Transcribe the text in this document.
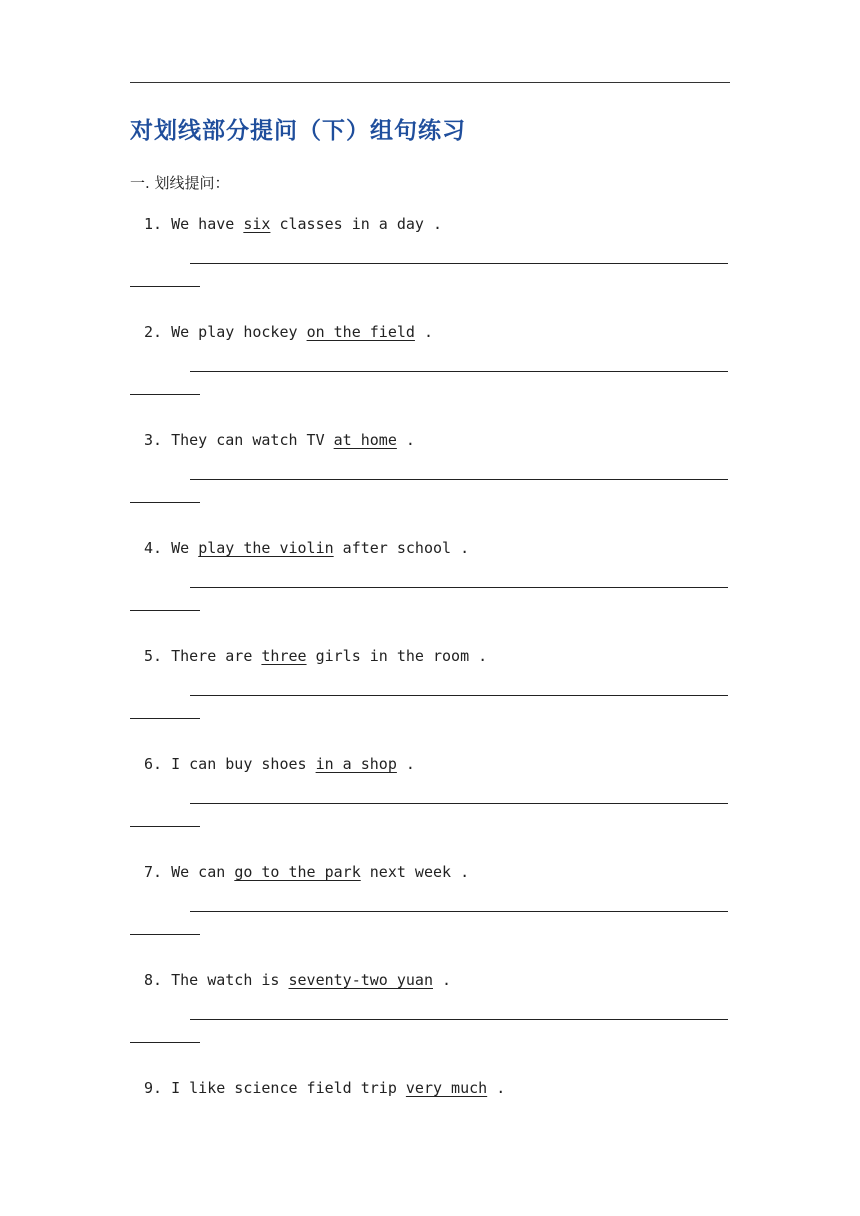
对划线部分提问（下）组句练习
一. 划线提问：
1. We have six classes in a day .
2. We play hockey on the field .
3. They can watch TV at home .
4. We play the violin after school .
5. There are three girls in the room .
6. I can buy shoes in a shop .
7. We can go to the park next week .
8. The watch is seventy-two yuan .
9. I like science field trip very much .
